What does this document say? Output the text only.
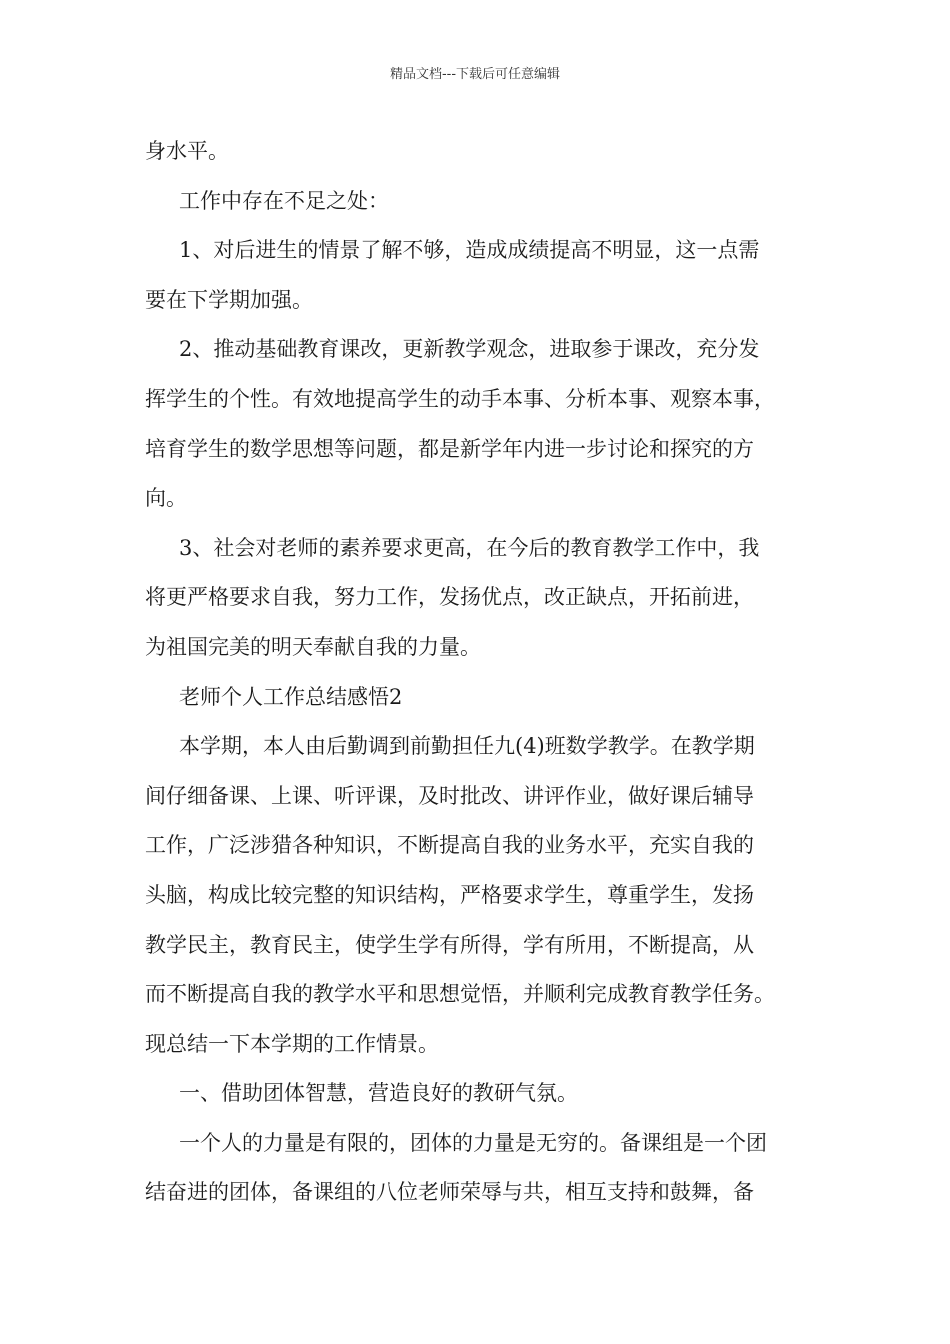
精品文档---下载后可任意编辑
身水平。
工作中存在不足之处：
1、对后进生的情景了解不够，造成成绩提高不明显，这一点需
要在下学期加强。
2、推动基础教育课改，更新教学观念，进取参于课改，充分发
挥学生的个性。有效地提高学生的动手本事、分析本事、观察本事，
培育学生的数学思想等问题，都是新学年内进一步讨论和探究的方
向。
3、社会对老师的素养要求更高，在今后的教育教学工作中，我
将更严格要求自我，努力工作，发扬优点，改正缺点，开拓前进，
为祖国完美的明天奉献自我的力量。
老师个人工作总结感悟2
本学期，本人由后勤调到前勤担任九(4)班数学教学。在教学期
间仔细备课、上课、听评课，及时批改、讲评作业，做好课后辅导
工作，广泛涉猎各种知识，不断提高自我的业务水平，充实自我的
头脑，构成比较完整的知识结构，严格要求学生，尊重学生，发扬
教学民主，教育民主，使学生学有所得，学有所用，不断提高，从
而不断提高自我的教学水平和思想觉悟，并顺利完成教育教学任务。
现总结一下本学期的工作情景。
一、借助团体智慧，营造良好的教研气氛。
一个人的力量是有限的，团体的力量是无穷的。备课组是一个团
结奋进的团体，备课组的八位老师荣辱与共，相互支持和鼓舞，备
